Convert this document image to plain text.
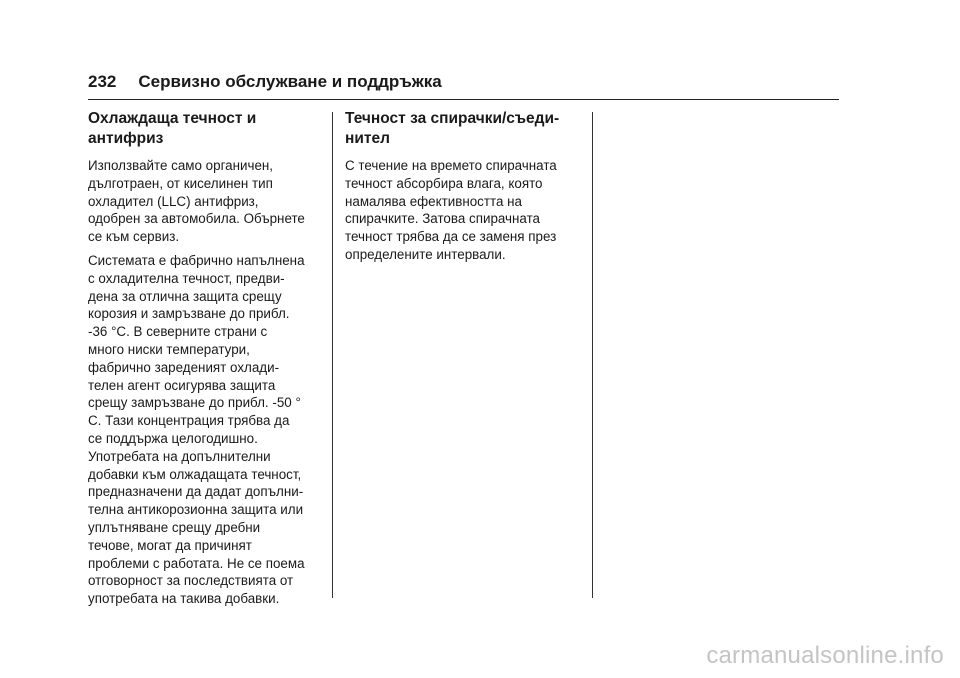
232 Сервизно обслужване и поддръжка
Охлаждаща течност и
антифриз

Използвайте само органичен,
дълготраен, от киселинен тип
охладител (LLC) антифриз,
одобрен за автомобила. Обърнете
се към сервиз.

Системата е фабрично напълнена
с охладителна течност, предви-
дена за отлична защита срещу
корозия и замръзване до прибл.
-36 °C. В северните страни с
много ниски температури,
фабрично зареденият охлади-
телен агент осигурява защита
срещу замръзване до прибл. -50 °
C. Тази концентрация трябва да
се поддържа целогодишно.
Употребата на допълнителни
добавки към олжадащата течност,
предназначени да дадат допълни-
телна антикорозионна защита или
уплътняване срещу дребни
течове, могат да причинят
проблеми с работата. Не се поема
отговорност за последствията от
употребата на такива добавки.

Течност за спирачки/съеди-
нител

С течение на времето спирачната
течност абсорбира влага, която
намалява ефективността на
спирачките. Затова спирачната
течност трябва да се заменя през
определените интервали.

carmanualsonline.info
